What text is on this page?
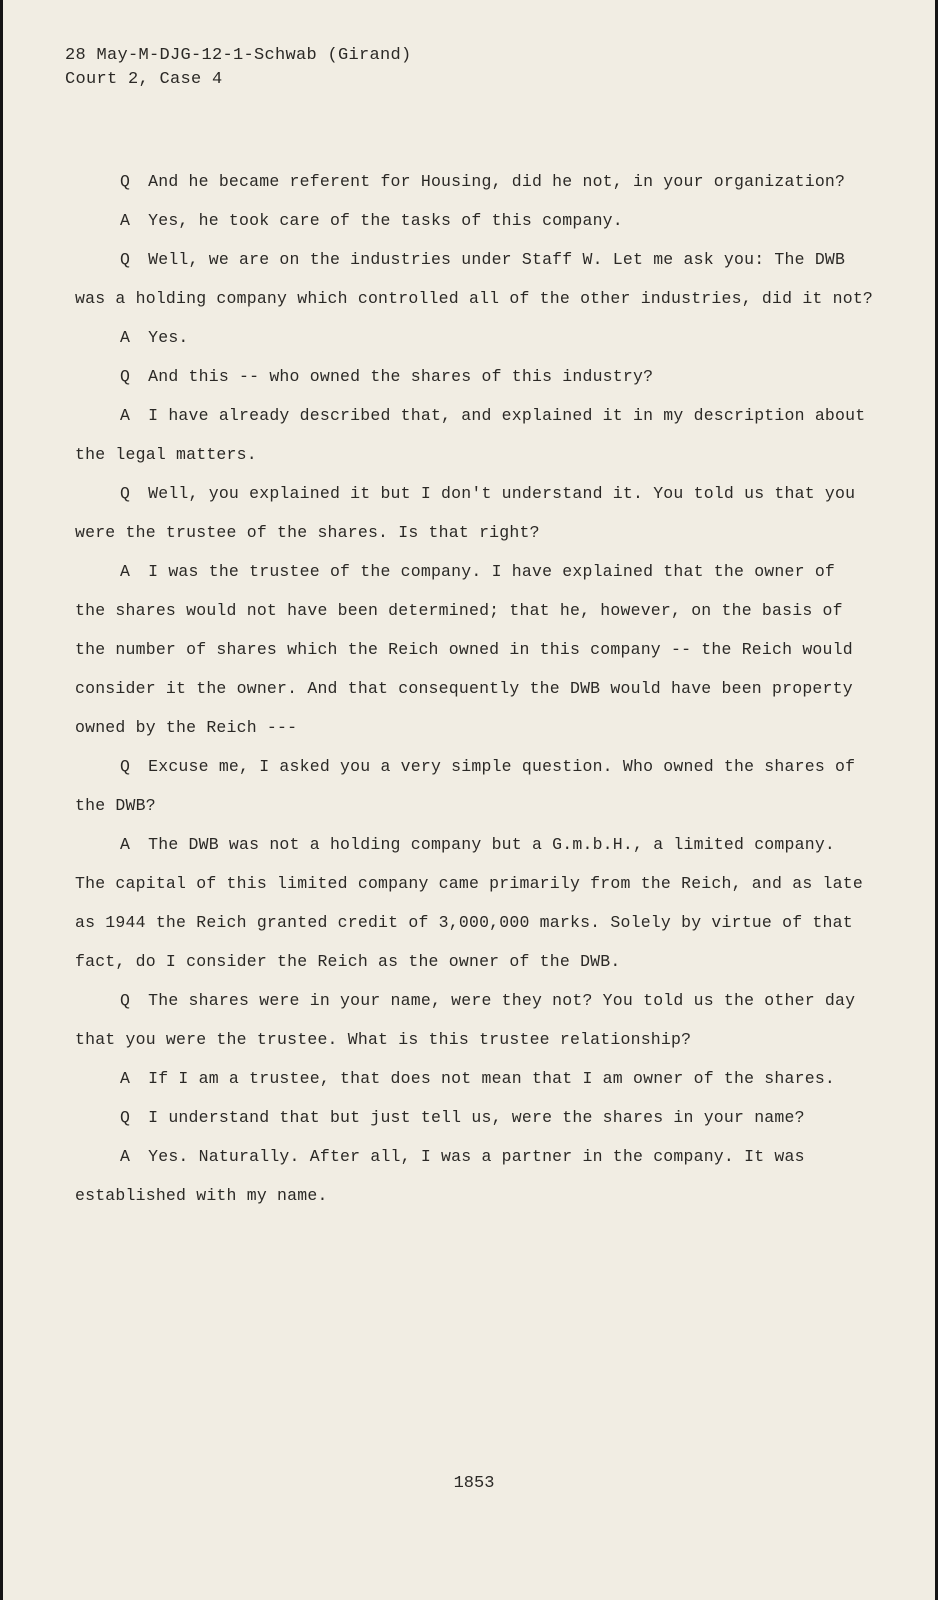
28 May-M-DJG-12-1-Schwab (Girand)
Court 2, Case 4

Q And he became referent for Housing, did he not, in your organization?

A Yes, he took care of the tasks of this company.

Q Well, we are on the industries under Staff W. Let me ask you: The DWB was a holding company which controlled all of the other industries, did it not?

A Yes.

Q And this -- who owned the shares of this industry?

A I have already described that, and explained it in my description about the legal matters.

Q Well, you explained it but I don't understand it. You told us that you were the trustee of the shares. Is that right?

A I was the trustee of the company. I have explained that the owner of the shares would not have been determined; that he, however, on the basis of the number of shares which the Reich owned in this company -- the Reich would consider it the owner. And that consequently the DWB would have been property owned by the Reich ---

Q Excuse me, I asked you a very simple question. Who owned the shares of the DWB?

A The DWB was not a holding company but a G.m.b.H., a limited company. The capital of this limited company came primarily from the Reich, and as late as 1944 the Reich granted credit of 3,000,000 marks. Solely by virtue of that fact, do I consider the Reich as the owner of the DWB.

Q The shares were in your name, were they not? You told us the other day that you were the trustee. What is this trustee relationship?

A If I am a trustee, that does not mean that I am owner of the shares.

Q I understand that but just tell us, were the shares in your name?

A Yes. Naturally. After all, I was a partner in the company. It was established with my name.

1853
